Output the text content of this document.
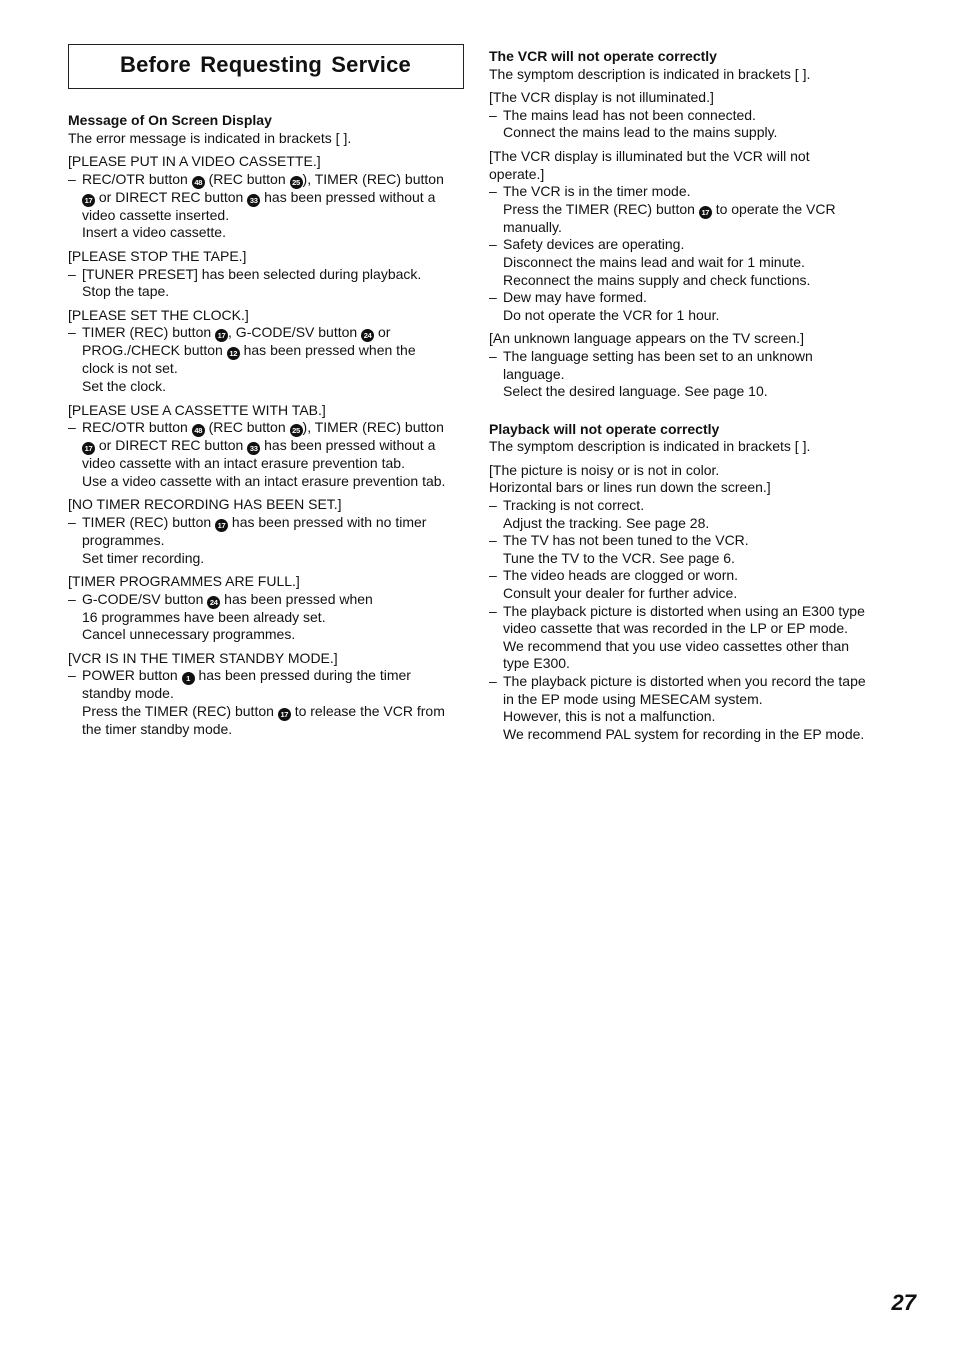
Before Requesting Service

Message of On Screen Display

The error message is indicated in brackets [ ].

[PLEASE PUT IN A VIDEO CASSETTE.]

– REC/OTR button 48 (REC button 25 ), TIMER (REC) button
17 or DIRECT REC button 33 has been pressed without a
video cassette inserted.
Insert a video cassette.

[PLEASE STOP THE TAPE.]

– [TUNER PRESET] has been selected during playback.
Stop the tape.

[PLEASE SET THE CLOCK.]

– TIMER (REC) button 17 , G-CODE/SV button 24 or
PROG./CHECK button 12 has been pressed when the
clock is not set.
Set the clock.

[PLEASE USE A CASSETTE WITH TAB.]

– REC/OTR button 48 (REC button 25 ), TIMER (REC) button
17 or DIRECT REC button 33 has been pressed without a
video cassette with an intact erasure prevention tab.
Use a video cassette with an intact erasure prevention tab.

[NO TIMER RECORDING HAS BEEN SET.]

– TIMER (REC) button 17 has been pressed with no timer
programmes.
Set timer recording.

[TIMER PROGRAMMES ARE FULL.]

– G-CODE/SV button 24 has been pressed when
16 programmes have been already set.
Cancel unnecessary programmes.

[VCR IS IN THE TIMER STANDBY MODE.]

– POWER button 1 has been pressed during the timer
standby mode.
Press the TIMER (REC) button 17 to release the VCR from
the timer standby mode.

The VCR will not operate correctly

The symptom description is indicated in brackets [ ].

[The VCR display is not illuminated.]

– The mains lead has not been connected.
Connect the mains lead to the mains supply.

[The VCR display is illuminated but the VCR will not
operate.]

– The VCR is in the timer mode.
Press the TIMER (REC) button 17 to operate the VCR
manually.
– Safety devices are operating.
Disconnect the mains lead and wait for 1 minute.
Reconnect the mains supply and check functions.
– Dew may have formed.
Do not operate the VCR for 1 hour.

[An unknown language appears on the TV screen.]

– The language setting has been set to an unknown
language.
Select the desired language. See page 10.

Playback will not operate correctly

The symptom description is indicated in brackets [ ].

[The picture is noisy or is not in color.
Horizontal bars or lines run down the screen.]

– Tracking is not correct.
Adjust the tracking. See page 28.
– The TV has not been tuned to the VCR.
Tune the TV to the VCR. See page 6.
– The video heads are clogged or worn.
Consult your dealer for further advice.
– The playback picture is distorted when using an E300 type
video cassette that was recorded in the LP or EP mode.
We recommend that you use video cassettes other than
type E300.
– The playback picture is distorted when you record the tape
in the EP mode using MESECAM system.
However, this is not a malfunction.
We recommend PAL system for recording in the EP mode.
27
